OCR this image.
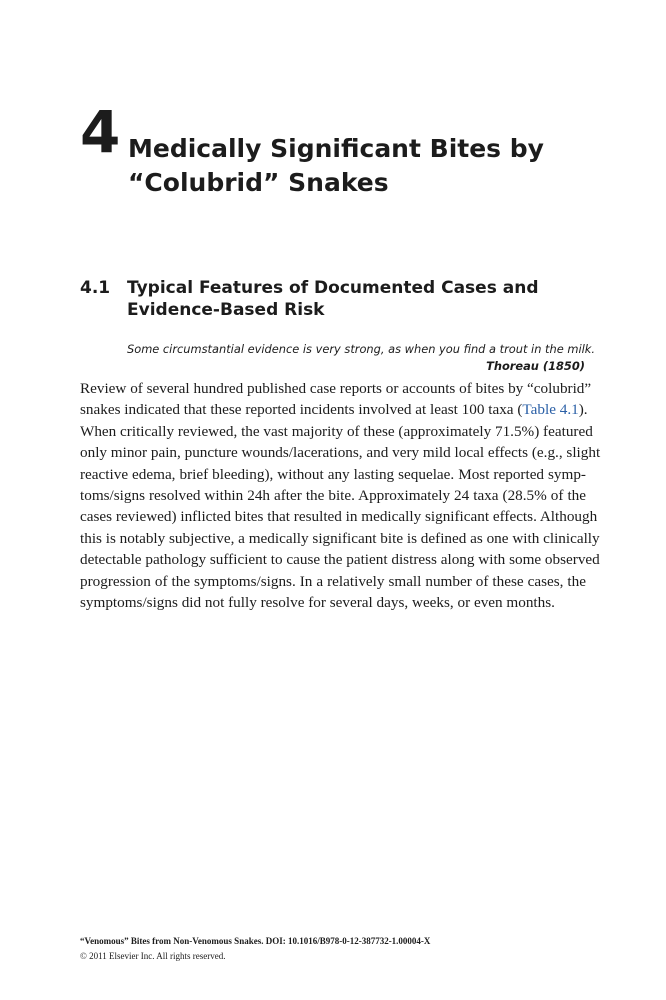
4 Medically Significant Bites by
“Colubrid” Snakes
4.1 Typical Features of Documented Cases and
Evidence-Based Risk
Some circumstantial evidence is very strong, as when you find a trout in the milk.
Thoreau (1850)
Review of several hundred published case reports or accounts of bites by “colubrid”
snakes indicated that these reported incidents involved at least 100 taxa (Table 4.1).
When critically reviewed, the vast majority of these (approximately 71.5%) featured
only minor pain, puncture wounds/lacerations, and very mild local effects (e.g., slight
reactive edema, brief bleeding), without any lasting sequelae. Most reported symp-
toms/signs resolved within 24h after the bite. Approximately 24 taxa (28.5% of the
cases reviewed) inflicted bites that resulted in medically significant effects. Although
this is notably subjective, a medically significant bite is defined as one with clinically
detectable pathology sufficient to cause the patient distress along with some observed
progression of the symptoms/signs. In a relatively small number of these cases, the
symptoms/signs did not fully resolve for several days, weeks, or even months.
“Venomous” Bites from Non-Venomous Snakes. DOI: 10.1016/B978-0-12-387732-1.00004-X
© 2011 Elsevier Inc. All rights reserved.
